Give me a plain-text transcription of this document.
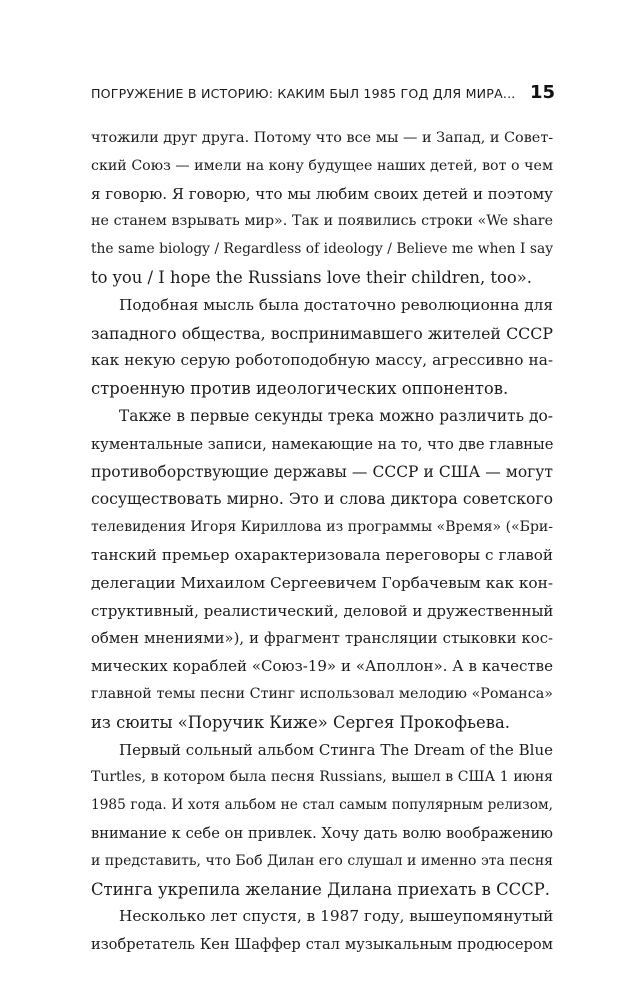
ПОГРУЖЕНИЕ В ИСТОРИЮ: КАКИМ БЫЛ 1985 ГОД ДЛЯ МИРА... 15
чтожили друг друга. Потому что все мы — и Запад, и Совет-
ский Союз — имели на кону будущее наших детей, вот о чем
я говорю. Я говорю, что мы любим своих детей и поэтому
не станем взрывать мир». Так и появились строки «We share
the same biology / Regardless of ideology / Believe me when I say
to you / I hope the Russians love their children, too».
Подобная мысль была достаточно революционна для
западного общества, воспринимавшего жителей СССР
как некую серую роботоподобную массу, агрессивно на-
строенную против идеологических оппонентов.
Также в первые секунды трека можно различить до-
кументальные записи, намекающие на то, что две главные
противоборствующие державы — СССР и США — могут
сосуществовать мирно. Это и слова диктора советского
телевидения Игоря Кириллова из программы «Время» («Бри-
танский премьер охарактеризовала переговоры с главой
делегации Михаилом Сергеевичем Горбачевым как кон-
структивный, реалистический, деловой и дружественный
обмен мнениями»), и фрагмент трансляции стыковки кос-
мических кораблей «Союз-19» и «Аполлон». А в качестве
главной темы песни Стинг использовал мелодию «Романса»
из сюиты «Поручик Киже» Сергея Прокофьева.
Первый сольный альбом Стинга The Dream of the Blue
Turtles, в котором была песня Russians, вышел в США 1 июня
1985 года. И хотя альбом не стал самым популярным релизом,
внимание к себе он привлек. Хочу дать волю воображению
и представить, что Боб Дилан его слушал и именно эта песня
Стинга укрепила желание Дилана приехать в СССР.
Несколько лет спустя, в 1987 году, вышеупомянутый
изобретатель Кен Шаффер стал музыкальным продюсером
